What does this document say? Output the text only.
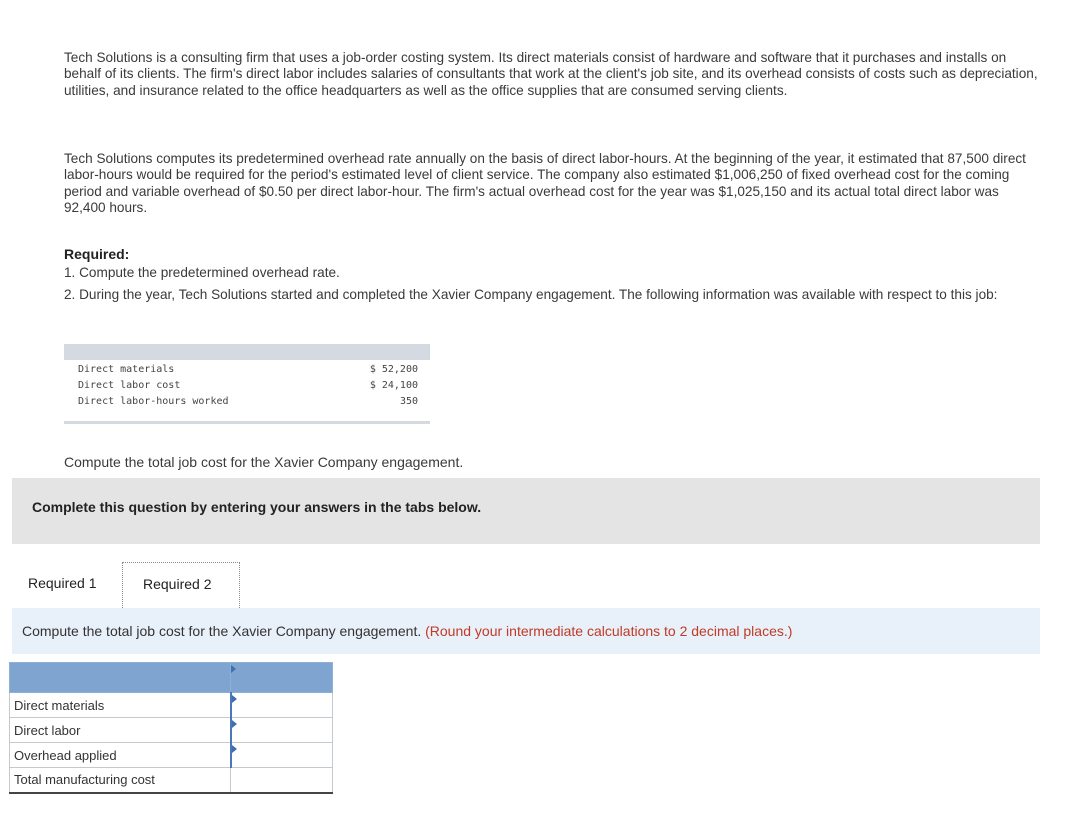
Tech Solutions is a consulting firm that uses a job-order costing system. Its direct materials consist of hardware and software that it purchases and installs on behalf of its clients. The firm's direct labor includes salaries of consultants that work at the client's job site, and its overhead consists of costs such as depreciation, utilities, and insurance related to the office headquarters as well as the office supplies that are consumed serving clients.

Tech Solutions computes its predetermined overhead rate annually on the basis of direct labor-hours. At the beginning of the year, it estimated that 87,500 direct labor-hours would be required for the period's estimated level of client service. The company also estimated $1,006,250 of fixed overhead cost for the coming period and variable overhead of $0.50 per direct labor-hour. The firm's actual overhead cost for the year was $1,025,150 and its actual total direct labor was 92,400 hours.

Required:
1. Compute the predetermined overhead rate.

2. During the year, Tech Solutions started and completed the Xavier Company engagement. The following information was available with respect to this job:

Direct materials	$ 52,200
Direct labor cost	$ 24,100
Direct labor-hours worked	350
Compute the total job cost for the Xavier Company engagement.
Complete this question by entering your answers in the tabs below.
Required 1	Required 2
Compute the total job cost for the Xavier Company engagement. (Round your intermediate calculations to 2 decimal places.)

Direct materials	

Direct labor	

Overhead applied	

Total manufacturing cost	
